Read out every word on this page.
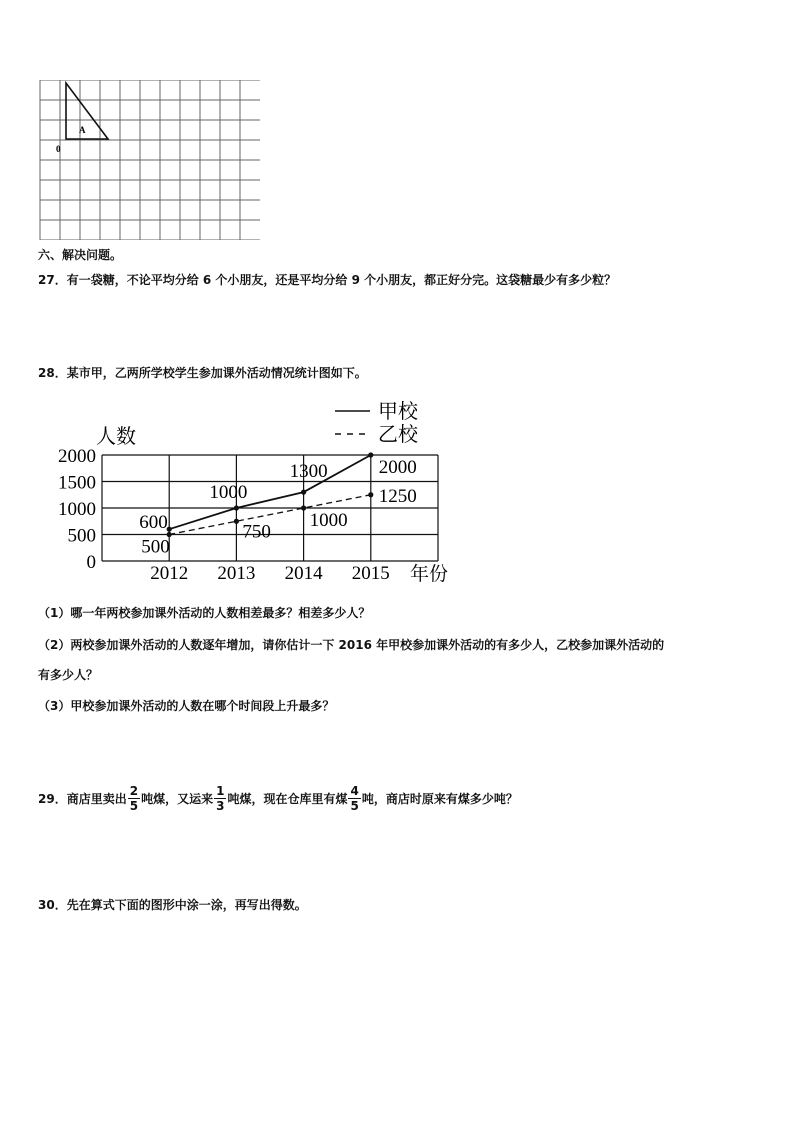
A
0
六、解决问题。
27．有一袋糖，不论平均分给 6 个小朋友，还是平均分给 9 个小朋友，都正好分完。这袋糖最少有多少粒？
28．某市甲，乙两所学校学生参加课外活动情况统计图如下。
人数
年份
0
500
1000
1500
2000
2012 2013 2014 2015
600
1000
1300	2000
500
750
1000
1250
甲校
乙校
（1）哪一年两校参加课外活动的人数相差最多？相差多少人？
（2）两校参加课外活动的人数逐年增加，请你估计一下 2016 年甲校参加课外活动的有多少人，乙校参加课外活动的
有多少人？
（3）甲校参加课外活动的人数在哪个时间段上升最多？
29．商店里卖出 $\frac{2}{5}$ 吨煤，又运来 $\frac{1}{3}$ 吨煤，现在仓库里有煤 $\frac{4}{5}$ 吨，商店时原来有煤多少吨？
30．先在算式下面的图形中涂一涂，再写出得数。
